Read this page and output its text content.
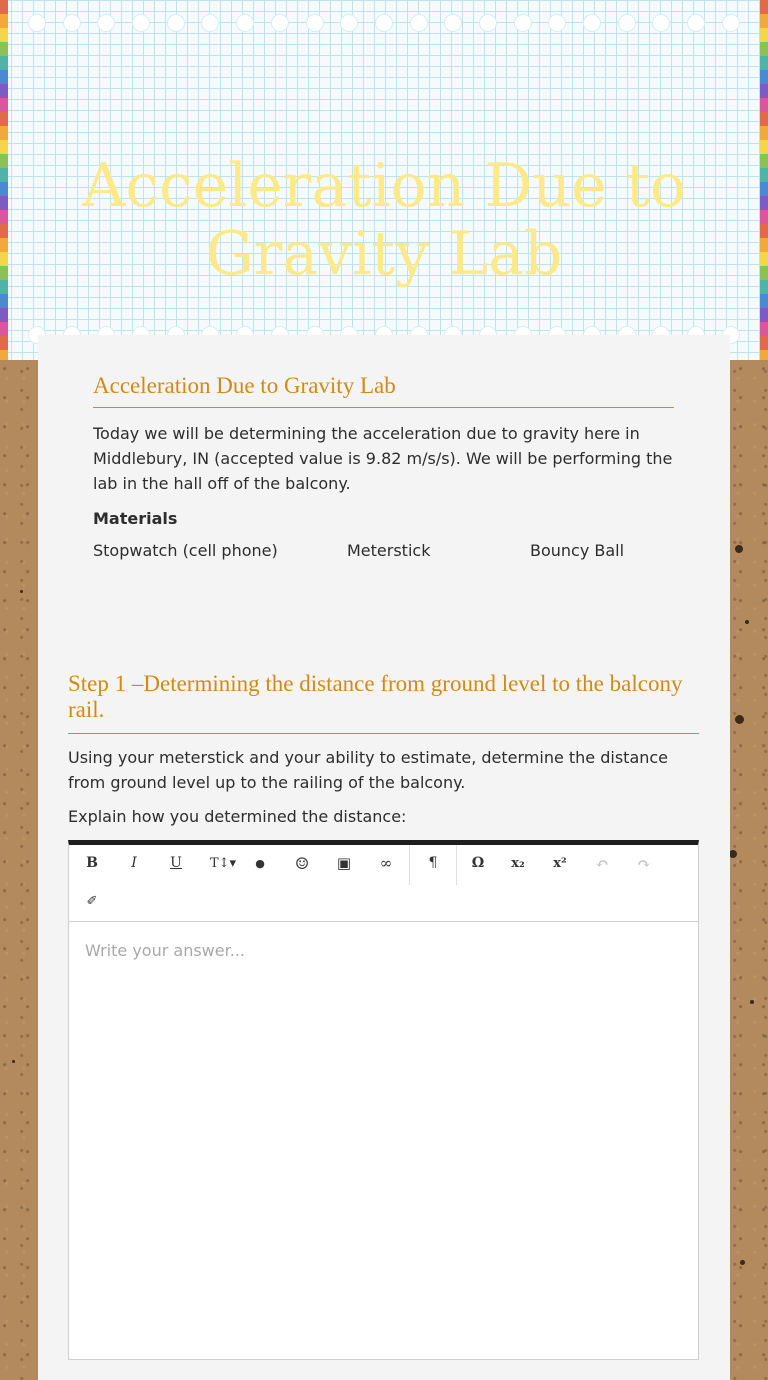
Acceleration Due to Gravity Lab
Acceleration Due to Gravity Lab

Today we will be determining the acceleration due to gravity here in Middlebury, IN (accepted value is 9.82 m/s/s). We will be performing the lab in the hall off of the balcony.

Materials

Stopwatch (cell phone)	Meterstick	Bouncy Ball
Step 1 –Determining the distance from ground level to the balcony rail.

Using your meterstick and your ability to estimate, determine the distance from ground level up to the railing of the balcony.

Explain how you determined the distance:

B	I	U	T↕▾	●	☺	▣	∞	¶	Ω	x₂	x²	↶	↷
✐
Write your answer...
